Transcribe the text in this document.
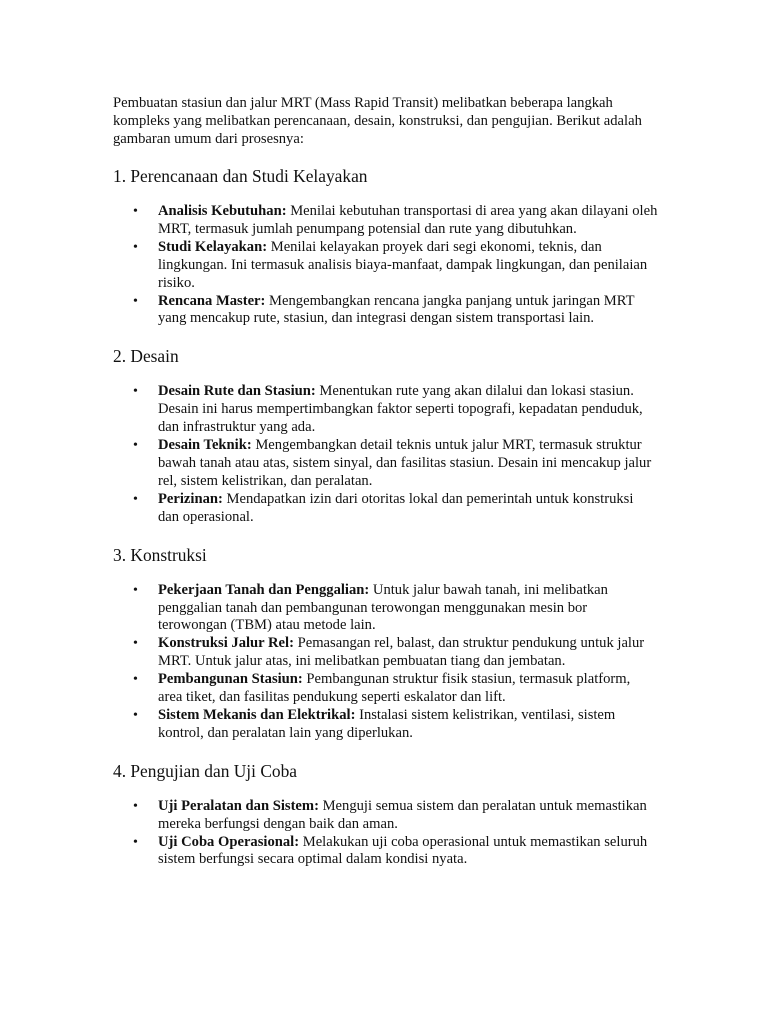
Pembuatan stasiun dan jalur MRT (Mass Rapid Transit) melibatkan beberapa langkah kompleks yang melibatkan perencanaan, desain, konstruksi, dan pengujian. Berikut adalah gambaran umum dari prosesnya:

1. Perencanaan dan Studi Kelayakan
• Analisis Kebutuhan: Menilai kebutuhan transportasi di area yang akan dilayani oleh MRT, termasuk jumlah penumpang potensial dan rute yang dibutuhkan.
• Studi Kelayakan: Menilai kelayakan proyek dari segi ekonomi, teknis, dan lingkungan. Ini termasuk analisis biaya-manfaat, dampak lingkungan, dan penilaian risiko.
• Rencana Master: Mengembangkan rencana jangka panjang untuk jaringan MRT yang mencakup rute, stasiun, dan integrasi dengan sistem transportasi lain.
2. Desain
• Desain Rute dan Stasiun: Menentukan rute yang akan dilalui dan lokasi stasiun. Desain ini harus mempertimbangkan faktor seperti topografi, kepadatan penduduk, dan infrastruktur yang ada.
• Desain Teknik: Mengembangkan detail teknis untuk jalur MRT, termasuk struktur bawah tanah atau atas, sistem sinyal, dan fasilitas stasiun. Desain ini mencakup jalur rel, sistem kelistrikan, dan peralatan.
• Perizinan: Mendapatkan izin dari otoritas lokal dan pemerintah untuk konstruksi dan operasional.
3. Konstruksi
• Pekerjaan Tanah dan Penggalian: Untuk jalur bawah tanah, ini melibatkan penggalian tanah dan pembangunan terowongan menggunakan mesin bor terowongan (TBM) atau metode lain.
• Konstruksi Jalur Rel: Pemasangan rel, balast, dan struktur pendukung untuk jalur MRT. Untuk jalur atas, ini melibatkan pembuatan tiang dan jembatan.
• Pembangunan Stasiun: Pembangunan struktur fisik stasiun, termasuk platform, area tiket, dan fasilitas pendukung seperti eskalator dan lift.
• Sistem Mekanis dan Elektrikal: Instalasi sistem kelistrikan, ventilasi, sistem kontrol, dan peralatan lain yang diperlukan.
4. Pengujian dan Uji Coba
• Uji Peralatan dan Sistem: Menguji semua sistem dan peralatan untuk memastikan mereka berfungsi dengan baik dan aman.
• Uji Coba Operasional: Melakukan uji coba operasional untuk memastikan seluruh sistem berfungsi secara optimal dalam kondisi nyata.
